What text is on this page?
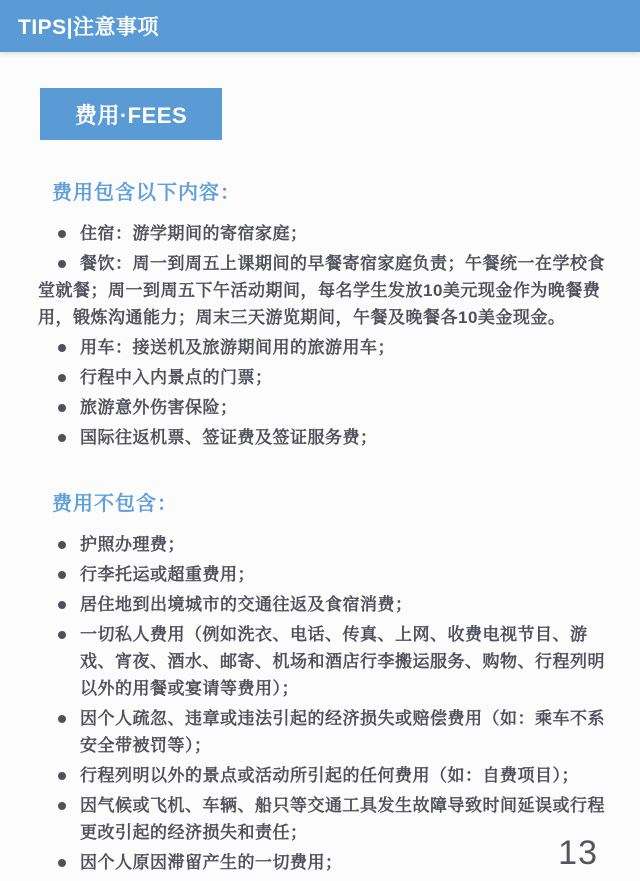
TIPS|注意事项
费用·FEES
费用包含以下内容：
住宿：游学期间的寄宿家庭；
餐饮：周一到周五上课期间的早餐寄宿家庭负责；午餐统一在学校食堂就餐；周一到周五下午活动期间，每名学生发放10美元现金作为晚餐费用，锻炼沟通能力；周末三天游览期间，午餐及晚餐各10美金现金。
用车：接送机及旅游期间用的旅游用车；
行程中入内景点的门票；
旅游意外伤害保险；
国际往返机票、签证费及签证服务费；
费用不包含：
护照办理费；
行李托运或超重费用；
居住地到出境城市的交通往返及食宿消费；
一切私人费用（例如洗衣、电话、传真、上网、收费电视节目、游戏、宵夜、酒水、邮寄、机场和酒店行李搬运服务、购物、行程列明以外的用餐或宴请等费用）；
因个人疏忽、违章或违法引起的经济损失或赔偿费用（如：乘车不系安全带被罚等）；
行程列明以外的景点或活动所引起的任何费用（如：自费项目）；
因气候或飞机、车辆、船只等交通工具发生故障导致时间延误或行程更改引起的经济损失和责任；
因个人原因滞留产生的一切费用；	13
